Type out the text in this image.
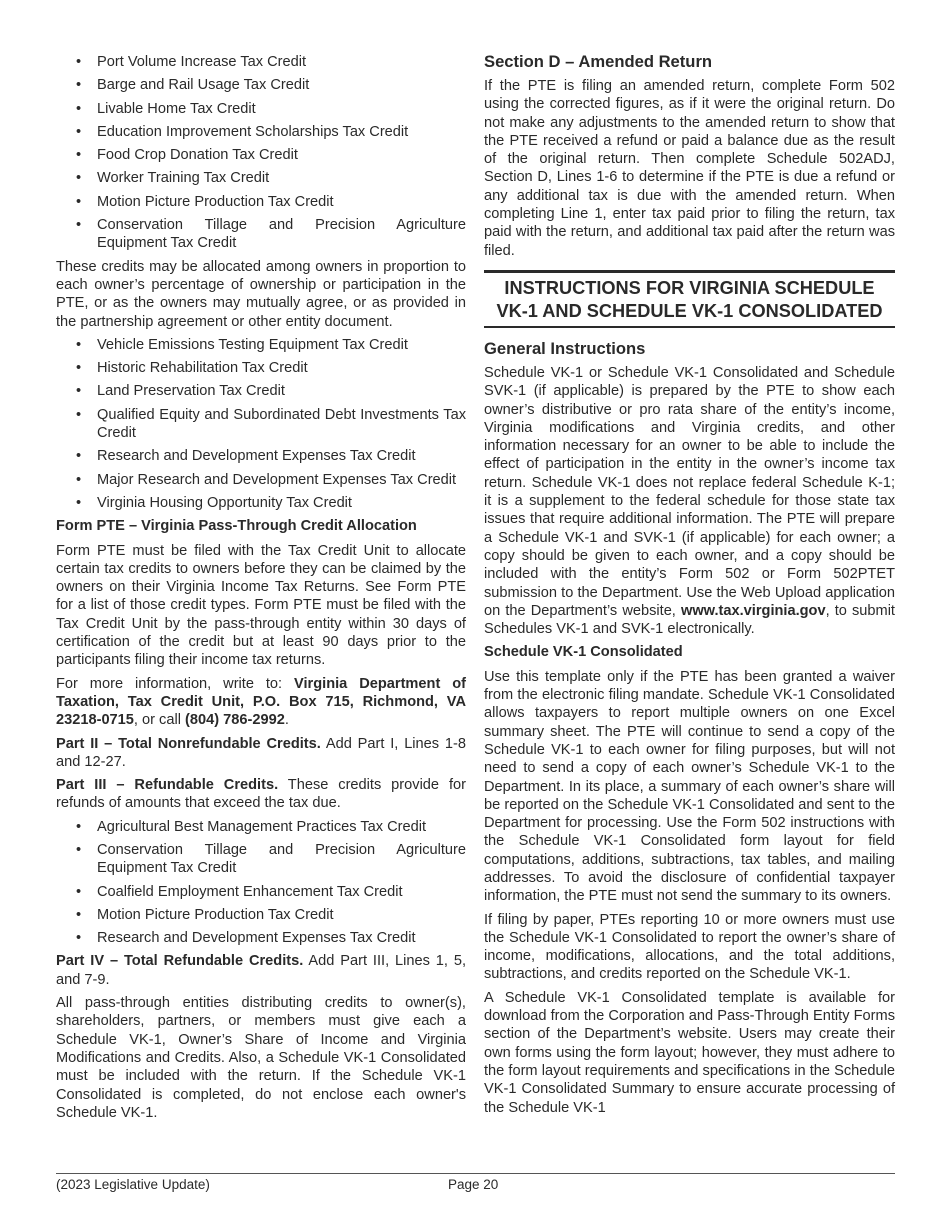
• Port Volume Increase Tax Credit
• Barge and Rail Usage Tax Credit
• Livable Home Tax Credit
• Education Improvement Scholarships Tax Credit
• Food Crop Donation Tax Credit
• Worker Training Tax Credit
• Motion Picture Production Tax Credit
• Conservation Tillage and Precision Agriculture Equipment Tax Credit

These credits may be allocated among owners in proportion to each owner’s percentage of ownership or participation in the PTE, or as the owners may mutually agree, or as provided in the partnership agreement or other entity document.

• Vehicle Emissions Testing Equipment Tax Credit
• Historic Rehabilitation Tax Credit
• Land Preservation Tax Credit
• Qualified Equity and Subordinated Debt Investments Tax Credit
• Research and Development Expenses Tax Credit
• Major Research and Development Expenses Tax Credit
• Virginia Housing Opportunity Tax Credit
Form PTE – Virginia Pass-Through Credit Allocation

Form PTE must be filed with the Tax Credit Unit to allocate certain tax credits to owners before they can be claimed by the owners on their Virginia Income Tax Returns. See Form PTE for a list of those credit types. Form PTE must be filed with the Tax Credit Unit by the pass-through entity within 30 days of certification of the credit but at least 90 days prior to the participants filing their income tax returns.

For more information, write to: Virginia Department of Taxation, Tax Credit Unit, P.O. Box 715, Richmond, VA 23218-0715, or call (804) 786-2992.

Part II – Total Nonrefundable Credits. Add Part I, Lines 1-8 and 12-27.

Part III – Refundable Credits. These credits provide for refunds of amounts that exceed the tax due.

• Agricultural Best Management Practices Tax Credit
• Conservation Tillage and Precision Agriculture Equipment Tax Credit
• Coalfield Employment Enhancement Tax Credit
• Motion Picture Production Tax Credit
• Research and Development Expenses Tax Credit

Part IV – Total Refundable Credits. Add Part III, Lines 1, 5, and 7-9.

All pass-through entities distributing credits to owner(s), shareholders, partners, or members must give each a Schedule VK-1, Owner’s Share of Income and Virginia Modifications and Credits. Also, a Schedule VK-1 Consolidated must be included with the return. If the Schedule VK-1 Consolidated is completed, do not enclose each owner's Schedule VK-1.

Section D – Amended Return

If the PTE is filing an amended return, complete Form 502 using the corrected figures, as if it were the original return. Do not make any adjustments to the amended return to show that the PTE received a refund or paid a balance due as the result of the original return. Then complete Schedule 502ADJ, Section D, Lines 1-6 to determine if the PTE is due a refund or any additional tax is due with the amended return. When completing Line 1, enter tax paid prior to filing the return, tax paid with the return, and additional tax paid after the return was filed.

INSTRUCTIONS FOR VIRGINIA SCHEDULE
VK-1 AND SCHEDULE VK-1 CONSOLIDATED
General Instructions

Schedule VK-1 or Schedule VK-1 Consolidated and Schedule SVK-1 (if applicable) is prepared by the PTE to show each owner’s distributive or pro rata share of the entity’s income, Virginia modifications and Virginia credits, and other information necessary for an owner to be able to include the effect of participation in the entity in the owner’s income tax return. Schedule VK-1 does not replace federal Schedule K-1; it is a supplement to the federal schedule for those state tax issues that require additional information. The PTE will prepare a Schedule VK-1 and SVK-1 (if applicable) for each owner; a copy should be given to each owner, and a copy should be included with the entity’s Form 502 or Form 502PTET submission to the Department. Use the Web Upload application on the Department’s website, www.tax.virginia.gov, to submit Schedules VK-1 and SVK-1 electronically.

Schedule VK-1 Consolidated

Use this template only if the PTE has been granted a waiver from the electronic filing mandate. Schedule VK-1 Consolidated allows taxpayers to report multiple owners on one Excel summary sheet. The PTE will continue to send a copy of the Schedule VK-1 to each owner for filing purposes, but will not need to send a copy of each owner’s Schedule VK-1 to the Department. In its place, a summary of each owner’s share will be reported on the Schedule VK-1 Consolidated and sent to the Department for processing. Use the Form 502 instructions with the Schedule VK-1 Consolidated form layout for field computations, additions, subtractions, tax tables, and mailing addresses. To avoid the disclosure of confidential taxpayer information, the PTE must not send the summary to its owners.

If filing by paper, PTEs reporting 10 or more owners must use the Schedule VK-1 Consolidated to report the owner’s share of income, modifications, allocations, and the total additions, subtractions, and credits reported on the Schedule VK-1.

A Schedule VK-1 Consolidated template is available for download from the Corporation and Pass-Through Entity Forms section of the Department’s website. Users may create their own forms using the form layout; however, they must adhere to the form layout requirements and specifications in the Schedule VK-1 Consolidated Summary to ensure accurate processing of the Schedule VK-1

(2023 Legislative Update)	Page 20
